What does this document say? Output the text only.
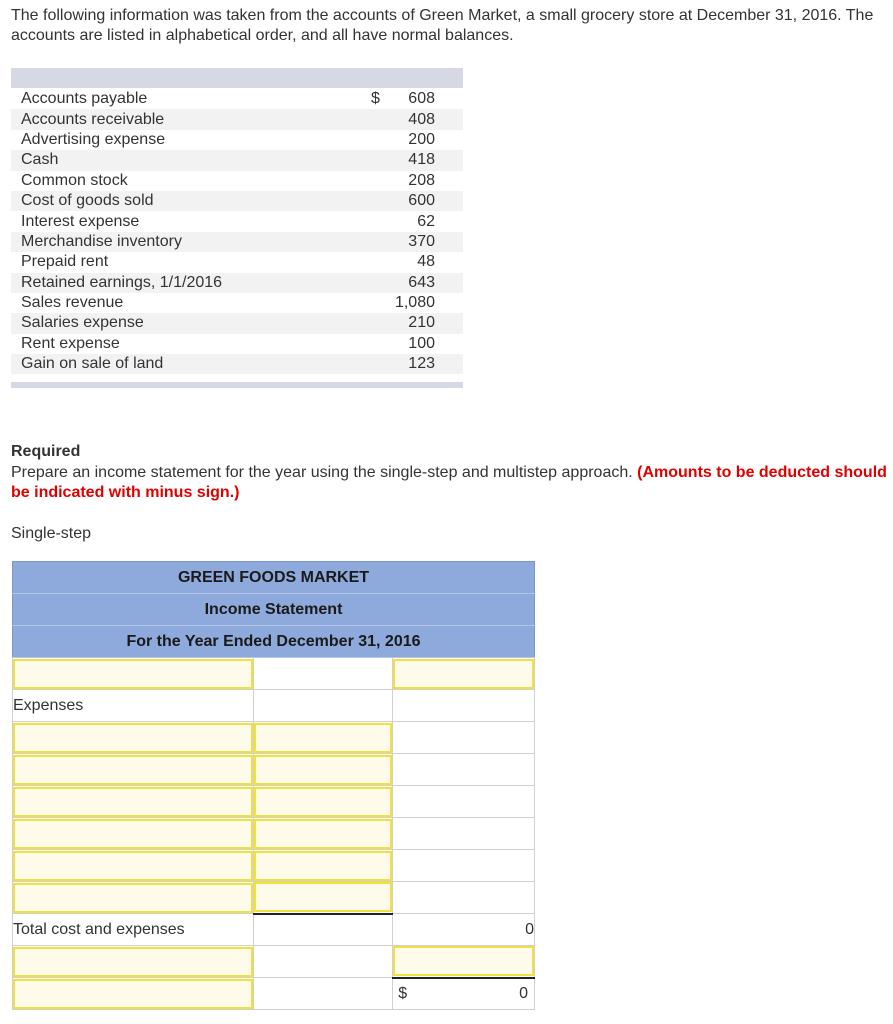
The following information was taken from the accounts of Green Market, a small grocery store at December 31, 2016. The accounts are listed in alphabetical order, and all have normal balances.
Accounts payable	$	608
Accounts receivable	408
Advertising expense	200
Cash	418
Common stock	208
Cost of goods sold	600
Interest expense	62
Merchandise inventory	370
Prepaid rent	48
Retained earnings, 1/1/2016	643
Sales revenue	1,080
Salaries expense	210
Rent expense	100
Gain on sale of land	123
Required
Prepare an income statement for the year using the single-step and multistep approach. (Amounts to be deducted should be indicated with minus sign.)
Single-step
GREEN FOODS MARKET		
Income Statement		
For the Year Ended December 31, 2016		

Expenses		

Total cost and expenses		0

$ 0
